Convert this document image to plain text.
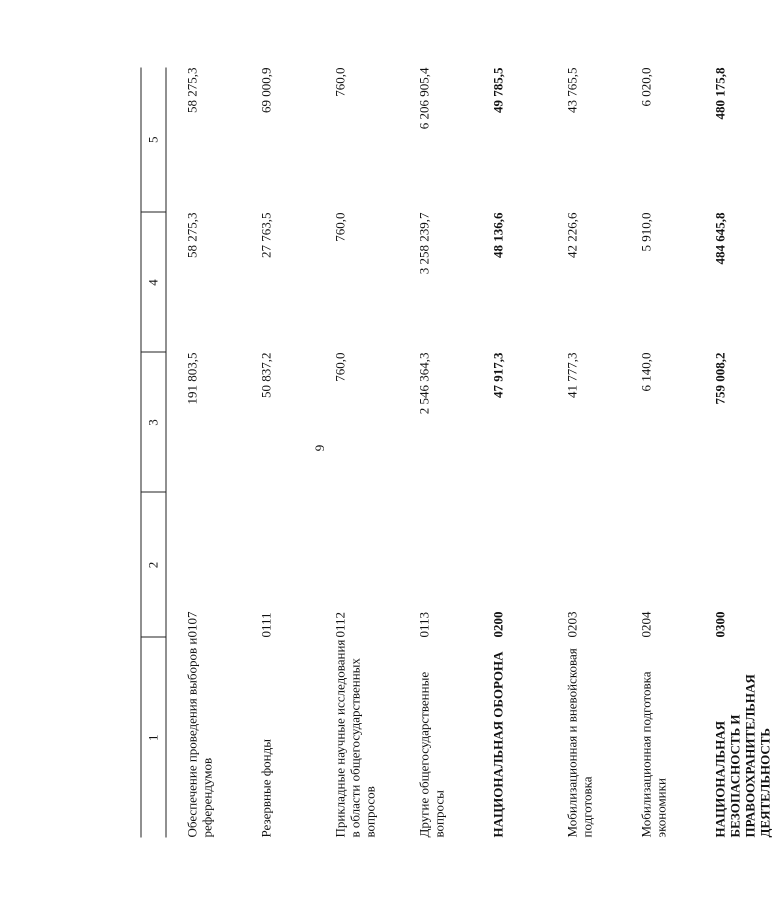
9
1	2	3	4	5
Обеспечение проведения выборов и референдумов	0107	191 803,5	58 275,3	58 275,3
Резервные фонды	0111	50 837,2	27 763,5	69 000,9
Прикладные научные исследования в области общегосударственных вопросов	0112	760,0	760,0	760,0
Другие общегосударственные вопросы	0113	2 546 364,3	3 258 239,7	6 206 905,4
НАЦИОНАЛЬНАЯ ОБОРОНА	0200	47 917,3	48 136,6	49 785,5
Мобилизационная и вневойсковая подготовка	0203	41 777,3	42 226,6	43 765,5
Мобилизационная подготовка экономики	0204	6 140,0	5 910,0	6 020,0
НАЦИОНАЛЬНАЯ БЕЗОПАСНОСТЬ И ПРАВООХРАНИТЕЛЬНАЯ ДЕЯТЕЛЬНОСТЬ	0300	759 008,2	484 645,8	480 175,8
